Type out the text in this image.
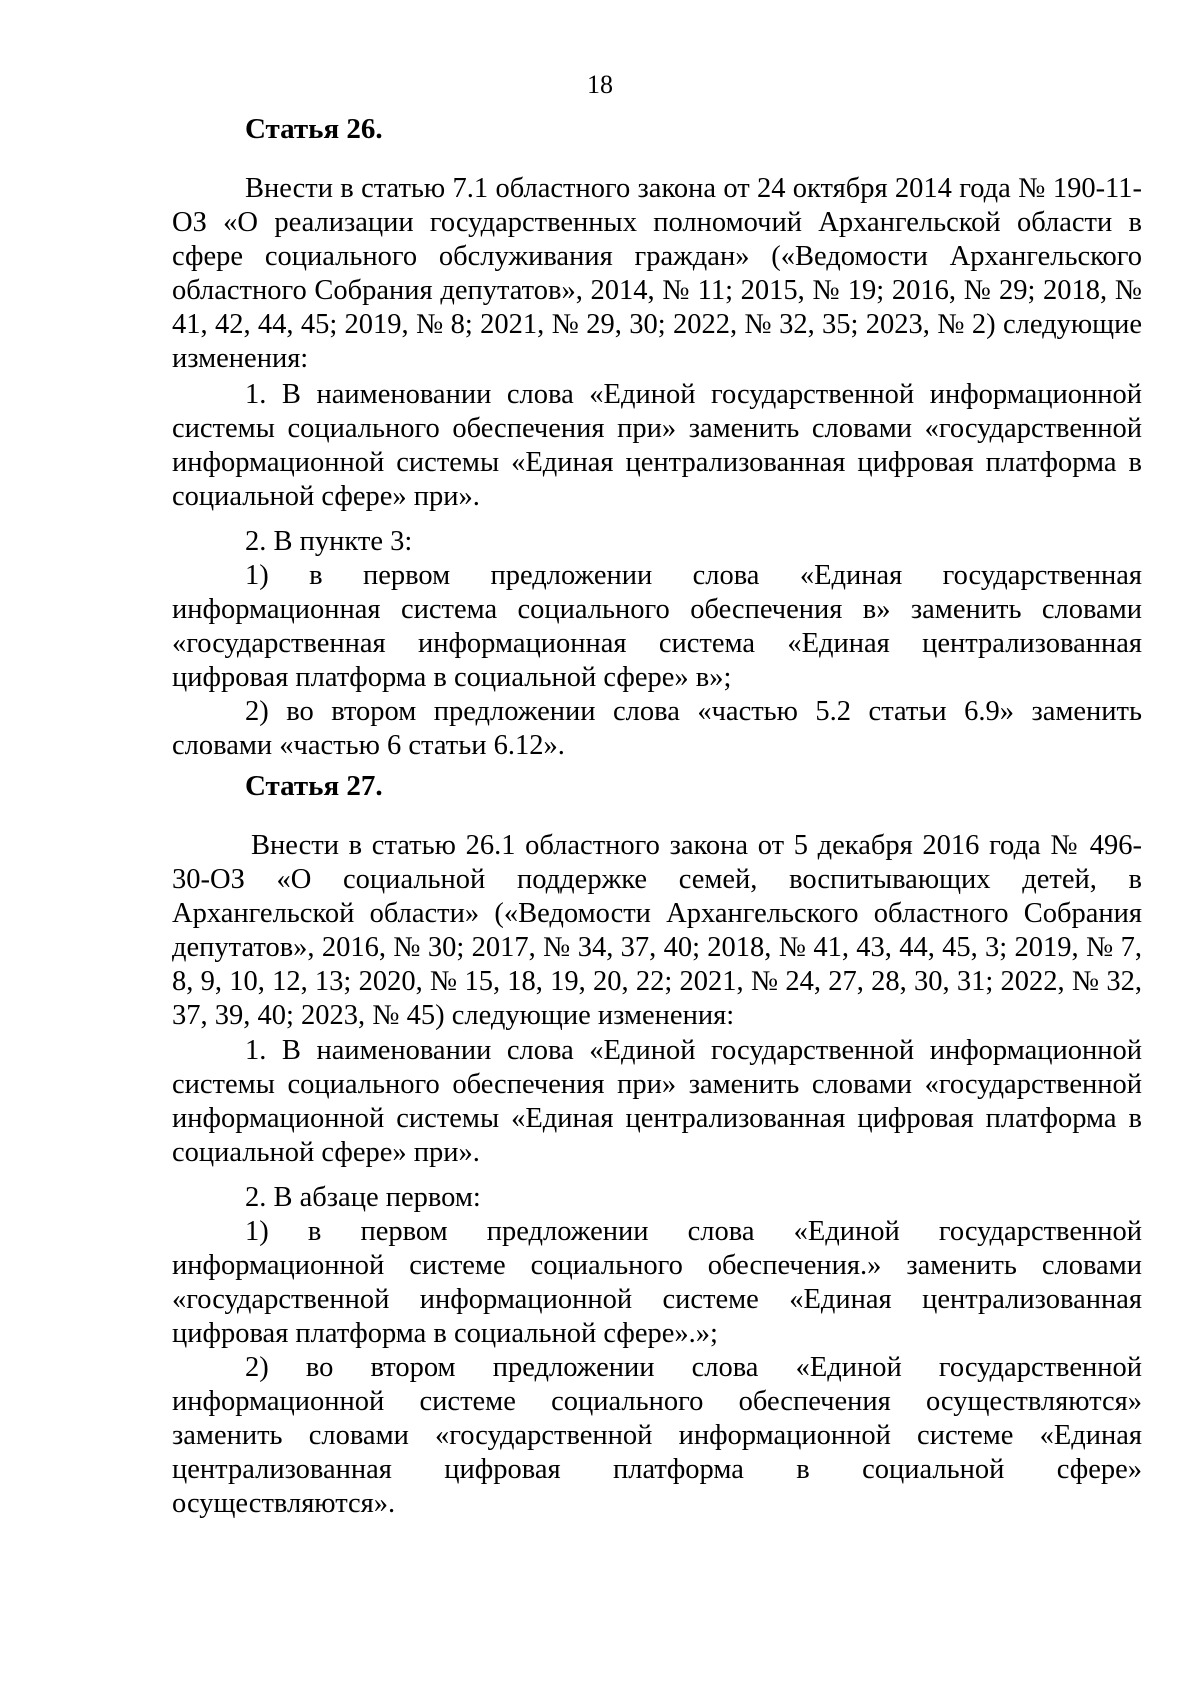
18
Статья 26.

Внести в статью 7.1 областного закона от 24 октября 2014 года № 190-11-ОЗ «О реализации государственных полномочий Архангельской области в сфере социального обслуживания граждан» («Ведомости Архангельского областного Собрания депутатов», 2014, № 11; 2015, № 19; 2016, № 29; 2018, № 41, 42, 44, 45; 2019, № 8; 2021, № 29, 30; 2022, № 32, 35; 2023, № 2) следующие изменения:

1. В наименовании слова «Единой государственной информационной системы социального обеспечения при» заменить словами «государственной информационной системы «Единая централизованная цифровая платформа в социальной сфере» при».

2. В пункте 3:

1) в первом предложении слова «Единая государственная информационная система социального обеспечения в» заменить словами «государственная информационная система «Единая централизованная цифровая платформа в социальной сфере» в»;

2) во втором предложении слова «частью 5.2 статьи 6.9» заменить словами «частью 6 статьи 6.12».

Статья 27.

Внести в статью 26.1 областного закона от 5 декабря 2016 года № 496-30-ОЗ «О социальной поддержке семей, воспитывающих детей, в Архангельской области» («Ведомости Архангельского областного Собрания депутатов», 2016, № 30; 2017, № 34, 37, 40; 2018, № 41, 43, 44, 45, 3; 2019, № 7, 8, 9, 10, 12, 13; 2020, № 15, 18, 19, 20, 22; 2021, № 24, 27, 28, 30, 31; 2022, № 32, 37, 39, 40; 2023, № 45) следующие изменения:

1. В наименовании слова «Единой государственной информационной системы социального обеспечения при» заменить словами «государственной информационной системы «Единая централизованная цифровая платформа в социальной сфере» при».

2. В абзаце первом:

1) в первом предложении слова «Единой государственной информационной системе социального обеспечения.» заменить словами «государственной информационной системе «Единая централизованная цифровая платформа в социальной сфере».»;

2) во втором предложении слова «Единой государственной информационной системе социального обеспечения осуществляются» заменить словами «государственной информационной системе «Единая централизованная цифровая платформа в социальной сфере» осуществляются».
